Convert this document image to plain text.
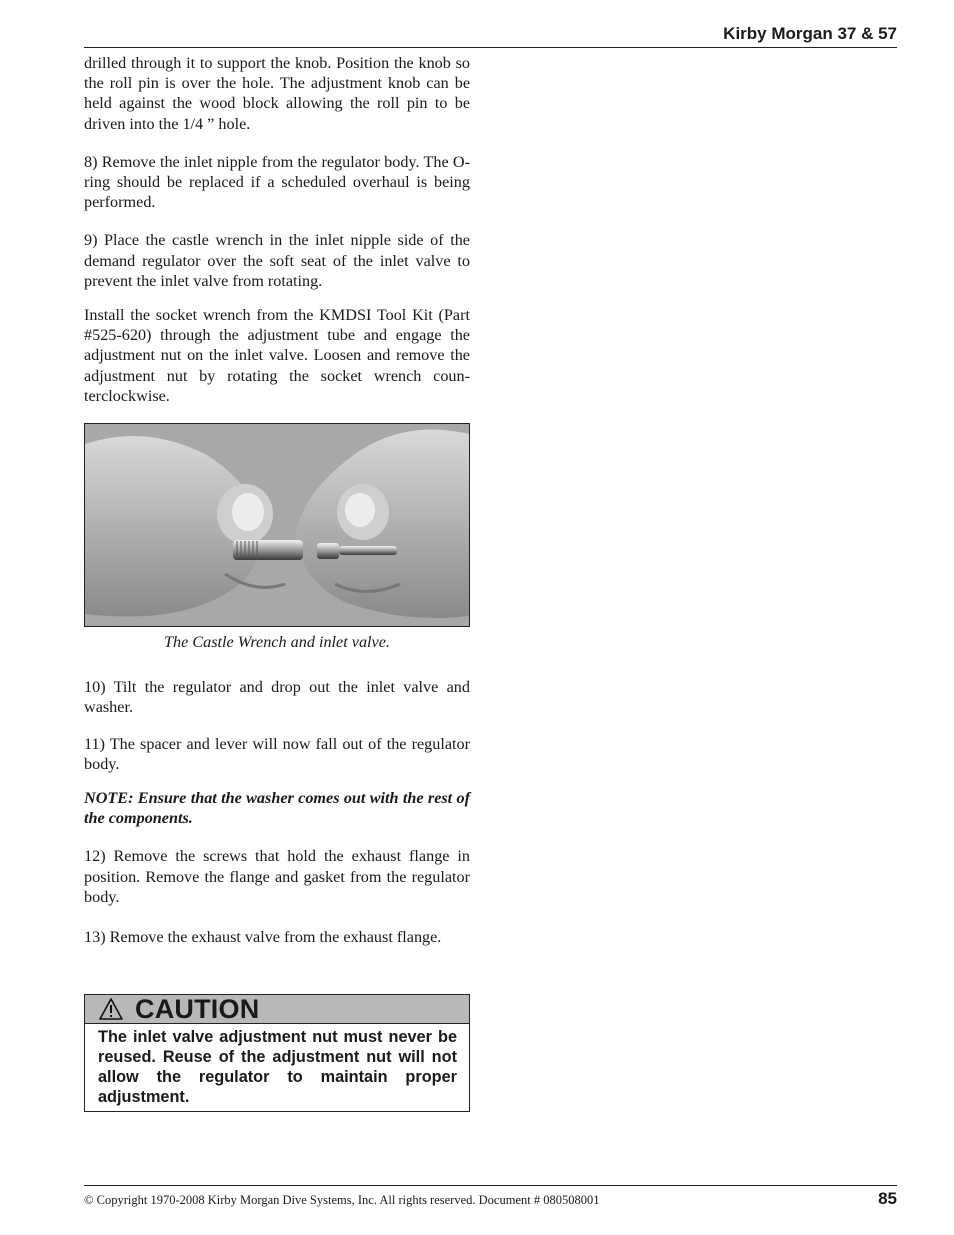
Kirby Morgan 37 & 57

drilled through it to support the knob. Position the knob so the roll pin is over the hole. The adjustment knob can be held against the wood block allowing the roll pin to be driven into the 1/4 ” hole.

8) Remove the inlet nipple from the regulator body. The O-ring should be replaced if a scheduled overhaul is being performed.

9) Place the castle wrench in the inlet nipple side of the demand regulator over the soft seat of the inlet valve to prevent the inlet valve from rotating.

Install the socket wrench from the KMDSI Tool Kit (Part #525-620) through the adjustment tube and engage the adjustment nut on the inlet valve. Loosen and remove the adjustment nut by rotating the socket wrench coun-terclockwise.

The Castle Wrench and inlet valve.

10) Tilt the regulator and drop out the inlet valve and washer.

11) The spacer and lever will now fall out of the regulator body.

NOTE: Ensure that the washer comes out with the rest of the components.

12) Remove the screws that hold the exhaust flange in position. Remove the flange and gasket from the regulator body.

13) Remove the exhaust valve from the exhaust flange.

CAUTION
The inlet valve adjustment nut must never be reused. Reuse of the adjustment nut will not allow the regulator to maintain proper adjustment.
© Copyright 1970-2008 Kirby Morgan Dive Systems, Inc. All rights reserved. Document # 080508001	85
